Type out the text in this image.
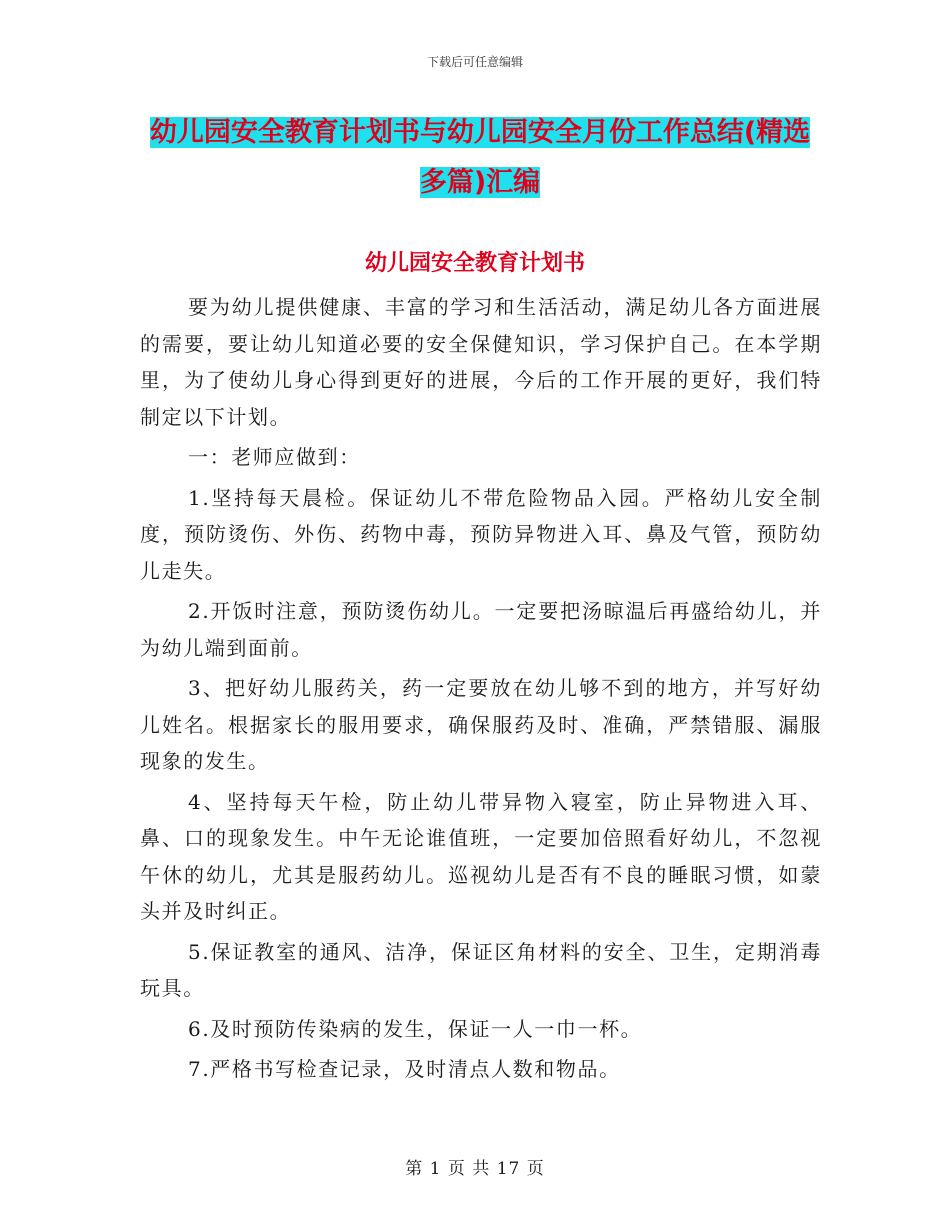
下载后可任意编辑
幼儿园安全教育计划书与幼儿园安全月份工作总结(精选多篇)汇编
幼儿园安全教育计划书

要为幼儿提供健康、丰富的学习和生活活动，满足幼儿各方面进展的需要，要让幼儿知道必要的安全保健知识，学习保护自己。在本学期里，为了使幼儿身心得到更好的进展，今后的工作开展的更好，我们特制定以下计划。

一：老师应做到：

1.坚持每天晨检。保证幼儿不带危险物品入园。严格幼儿安全制度，预防烫伤、外伤、药物中毒，预防异物进入耳、鼻及气管，预防幼儿走失。

2.开饭时注意，预防烫伤幼儿。一定要把汤晾温后再盛给幼儿，并为幼儿端到面前。

3、把好幼儿服药关，药一定要放在幼儿够不到的地方，并写好幼儿姓名。根据家长的服用要求，确保服药及时、准确，严禁错服、漏服现象的发生。

4、坚持每天午检，防止幼儿带异物入寝室，防止异物进入耳、鼻、口的现象发生。中午无论谁值班，一定要加倍照看好幼儿，不忽视午休的幼儿，尤其是服药幼儿。巡视幼儿是否有不良的睡眠习惯，如蒙头并及时纠正。

5.保证教室的通风、洁净，保证区角材料的安全、卫生，定期消毒玩具。

6.及时预防传染病的发生，保证一人一巾一杯。

7.严格书写检查记录，及时清点人数和物品。

第 1 页 共 17 页
